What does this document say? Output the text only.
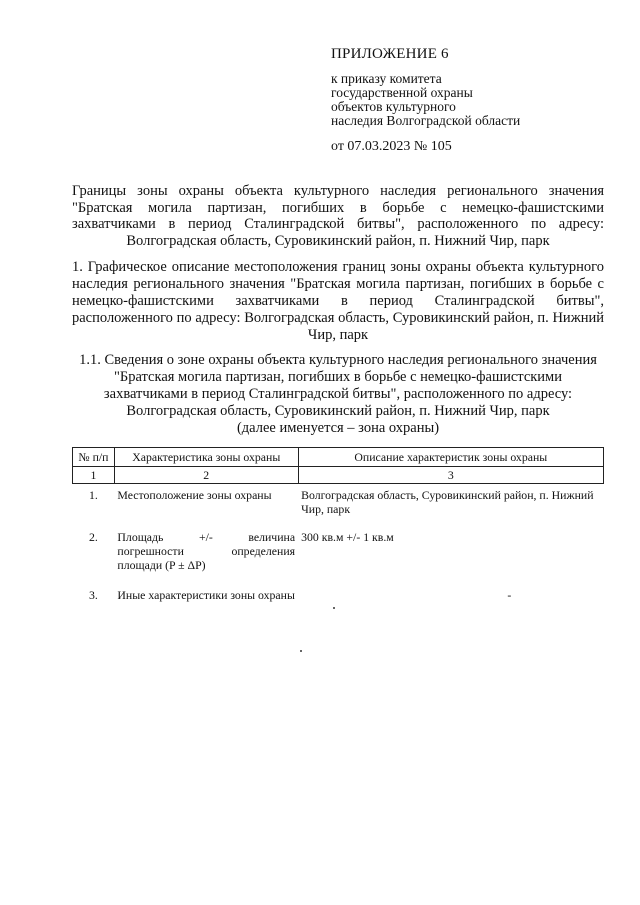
ПРИЛОЖЕНИЕ 6
к приказу комитета
государственной охраны
объектов культурного
наследия Волгоградской области
от 07.03.2023 № 105
Границы зоны охраны объекта культурного наследия регионального значения "Братская могила партизан, погибших в борьбе с немецко-фашистскими захватчиками в период Сталинградской битвы", расположенного по адресу: Волгоградская область, Суровикинский район, п. Нижний Чир, парк
1. Графическое описание местоположения границ зоны охраны объекта культурного наследия регионального значения "Братская могила партизан, погибших в борьбе с немецко-фашистскими захватчиками в период Сталинградской битвы", расположенного по адресу: Волгоградская область, Суровикинский район, п. Нижний Чир, парк
1.1. Сведения о зоне охраны объекта культурного наследия регионального значения "Братская могила партизан, погибших в борьбе с немецко-фашистскими захватчиками в период Сталинградской битвы", расположенного по адресу: Волгоградская область, Суровикинский район, п. Нижний Чир, парк
(далее именуется – зона охраны)
№ п/п	Характеристика зоны охраны	Описание характеристик зоны охраны
1	2	3
1.	Местоположение зоны охраны	Волгоградская область, Суровикинский район, п. Нижний Чир, парк
2.	Площадь +/- величина погрешности определения площади (P ± ΔP)	300 кв.м +/- 1 кв.м
3.	Иные характеристики зоны охраны	-
